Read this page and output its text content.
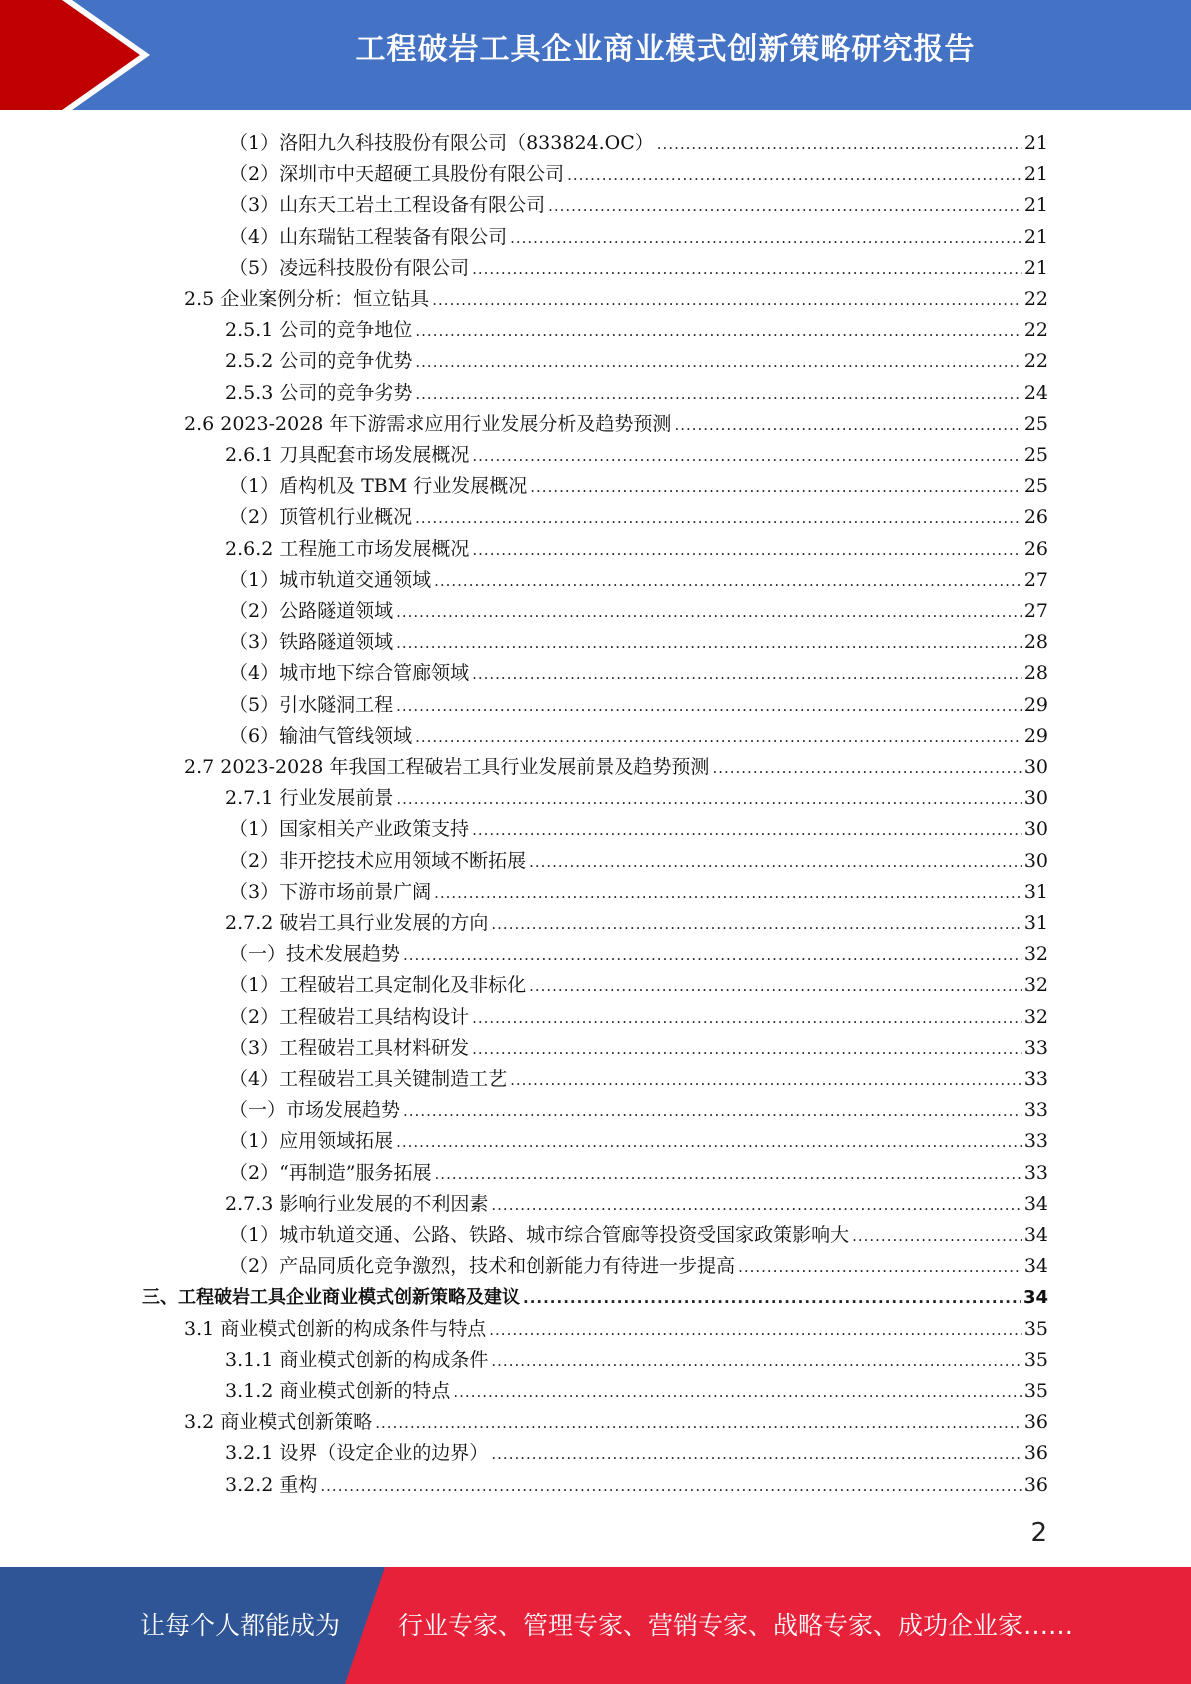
工程破岩工具企业商业模式创新策略研究报告
（1）洛阳九久科技股份有限公司（833824.OC） .....	21
（2）深圳市中天超硬工具股份有限公司 .....	21
（3）山东天工岩土工程设备有限公司 .....	21
（4）山东瑞钻工程装备有限公司 .....	21
（5）凌远科技股份有限公司 .....	21
2.5 企业案例分析：恒立钻具 .....	22
2.5.1 公司的竞争地位 .....	22
2.5.2 公司的竞争优势 .....	22
2.5.3 公司的竞争劣势 .....	24
2.6 2023-2028 年下游需求应用行业发展分析及趋势预测 .....	25
2.6.1 刀具配套市场发展概况 .....	25
（1）盾构机及 TBM 行业发展概况 .....	25
（2）顶管机行业概况 .....	26
2.6.2 工程施工市场发展概况 .....	26
（1）城市轨道交通领域 .....	27
（2）公路隧道领域 .....	27
（3）铁路隧道领域 .....	28
（4）城市地下综合管廊领域 .....	28
（5）引水隧洞工程 .....	29
（6）输油气管线领域 .....	29
2.7 2023-2028 年我国工程破岩工具行业发展前景及趋势预测 .....	30
2.7.1 行业发展前景 .....	30
（1）国家相关产业政策支持 .....	30
（2）非开挖技术应用领域不断拓展 .....	30
（3）下游市场前景广阔 .....	31
2.7.2 破岩工具行业发展的方向 .....	31
（一）技术发展趋势 .....	32
（1）工程破岩工具定制化及非标化 .....	32
（2）工程破岩工具结构设计 .....	32
（3）工程破岩工具材料研发 .....	33
（4）工程破岩工具关键制造工艺 .....	33
（一）市场发展趋势 .....	33
（1）应用领域拓展 .....	33
（2）“再制造”服务拓展 .....	33
2.7.3 影响行业发展的不利因素 .....	34
（1）城市轨道交通、公路、铁路、城市综合管廊等投资受国家政策影响大 .....	34
（2）产品同质化竞争激烈，技术和创新能力有待进一步提高 .....	34
三、工程破岩工具企业商业模式创新策略及建议 .....	34
3.1 商业模式创新的构成条件与特点 .....	35
3.1.1 商业模式创新的构成条件 .....	35
3.1.2 商业模式创新的特点 .....	35
3.2 商业模式创新策略 .....	36
3.2.1 设界（设定企业的边界） .....	36
3.2.2 重构 .....	36
2
让每个人都能成为 行业专家、管理专家、营销专家、战略专家、成功企业家……
